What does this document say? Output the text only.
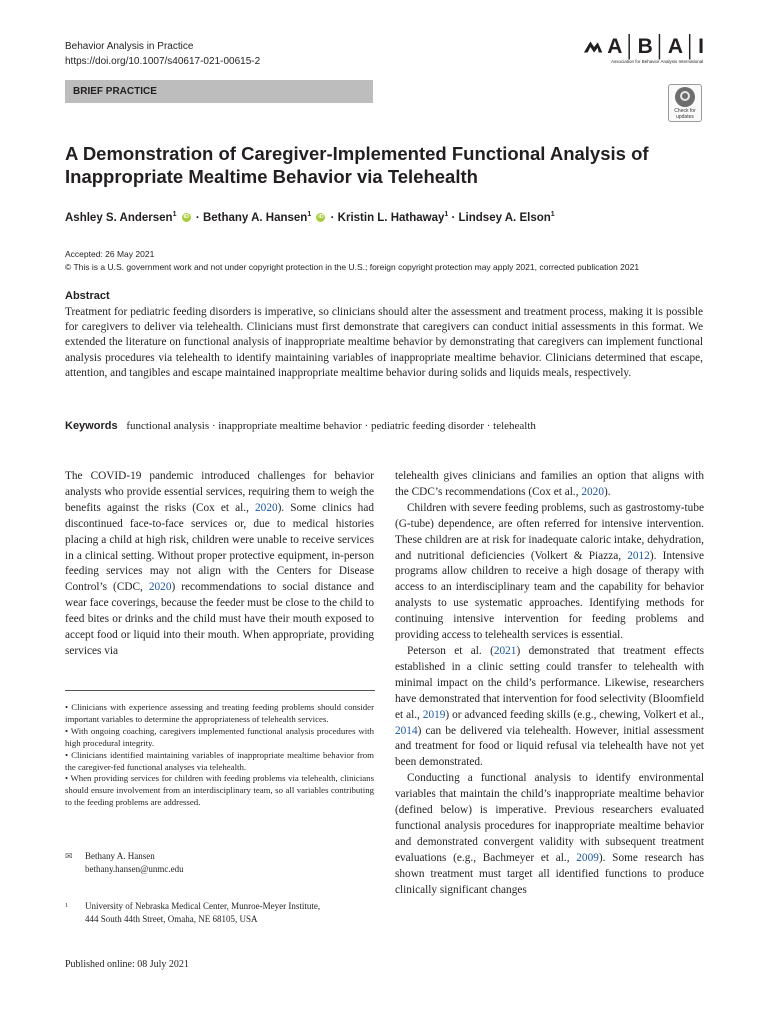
Behavior Analysis in Practice
https://doi.org/10.1007/s40617-021-00615-2
A│B│A│I
Association for Behavior Analysis International
BRIEF PRACTICE
Check for
updates
A Demonstration of Caregiver-Implemented Functional Analysis of Inappropriate Mealtime Behavior via Telehealth
Ashley S. Andersen$^1$ iD · Bethany A. Hansen$^1$ iD · Kristin L. Hathaway$^1$ · Lindsey A. Elson$^1$
Accepted: 26 May 2021
© This is a U.S. government work and not under copyright protection in the U.S.; foreign copyright protection may apply 2021, corrected publication 2021
Abstract

Treatment for pediatric feeding disorders is imperative, so clinicians should alter the assessment and treatment process, making it is possible for caregivers to deliver via telehealth. Clinicians must first demonstrate that caregivers can conduct initial assessments in this format. We extended the literature on functional analysis of inappropriate mealtime behavior by demonstrating that caregivers can implement functional analysis procedures via telehealth to identify maintaining variables of inappropriate mealtime behavior. Clinicians determined that escape, attention, and tangibles and escape maintained inappropriate mealtime behavior during solids and liquids meals, respectively.

Keywords functional analysis · inappropriate mealtime behavior · pediatric feeding disorder · telehealth

The COVID-19 pandemic introduced challenges for behavior analysts who provide essential services, requiring them to weigh the benefits against the risks (Cox et al., 2020). Some clinics had discontinued face-to-face services or, due to medical histories placing a child at high risk, children were unable to receive services in a clinical setting. Without proper protective equipment, in-person feeding services may not align with the Centers for Disease Control’s (CDC, 2020) recommendations to social distance and wear face coverings, because the feeder must be close to the child to feed bites or drinks and the child must have their mouth exposed to accept food or liquid into their mouth. When appropriate, providing services via

• Clinicians with experience assessing and treating feeding problems should consider important variables to determine the appropriateness of telehealth services.

• With ongoing coaching, caregivers implemented functional analysis procedures with high procedural integrity.

• Clinicians identified maintaining variables of inappropriate mealtime behavior from the caregiver-fed functional analyses via telehealth.

• When providing services for children with feeding problems via telehealth, clinicians should ensure involvement from an interdisciplinary team, so all variables contributing to the feeding problems are addressed.

✉ Bethany A. Hansen
bethany.hansen@unmc.edu
$^1$ University of Nebraska Medical Center, Munroe-Meyer Institute,
444 South 44th Street, Omaha, NE 68105, USA
Published online: 08 July 2021

telehealth gives clinicians and families an option that aligns with the CDC’s recommendations (Cox et al., 2020).

Children with severe feeding problems, such as gastrostomy-tube (G-tube) dependence, are often referred for intensive intervention. These children are at risk for inadequate caloric intake, dehydration, and nutritional deficiencies (Volkert & Piazza, 2012). Intensive programs allow children to receive a high dosage of therapy with access to an interdisciplinary team and the capability for behavior analysts to use systematic approaches. Identifying methods for continuing intensive intervention for feeding problems and providing access to telehealth services is essential.

Peterson et al. (2021) demonstrated that treatment effects established in a clinic setting could transfer to telehealth with minimal impact on the child’s performance. Likewise, researchers have demonstrated that intervention for food selectivity (Bloomfield et al., 2019) or advanced feeding skills (e.g., chewing, Volkert et al., 2014) can be delivered via telehealth. However, initial assessment and treatment for food or liquid refusal via telehealth have not yet been demonstrated.

Conducting a functional analysis to identify environmental variables that maintain the child’s inappropriate mealtime behavior (defined below) is imperative. Previous researchers evaluated functional analysis procedures for inappropriate mealtime behavior and demonstrated convergent validity with subsequent treatment evaluations (e.g., Bachmeyer et al., 2009). Some research has shown treatment must target all identified functions to produce clinically significant changes
